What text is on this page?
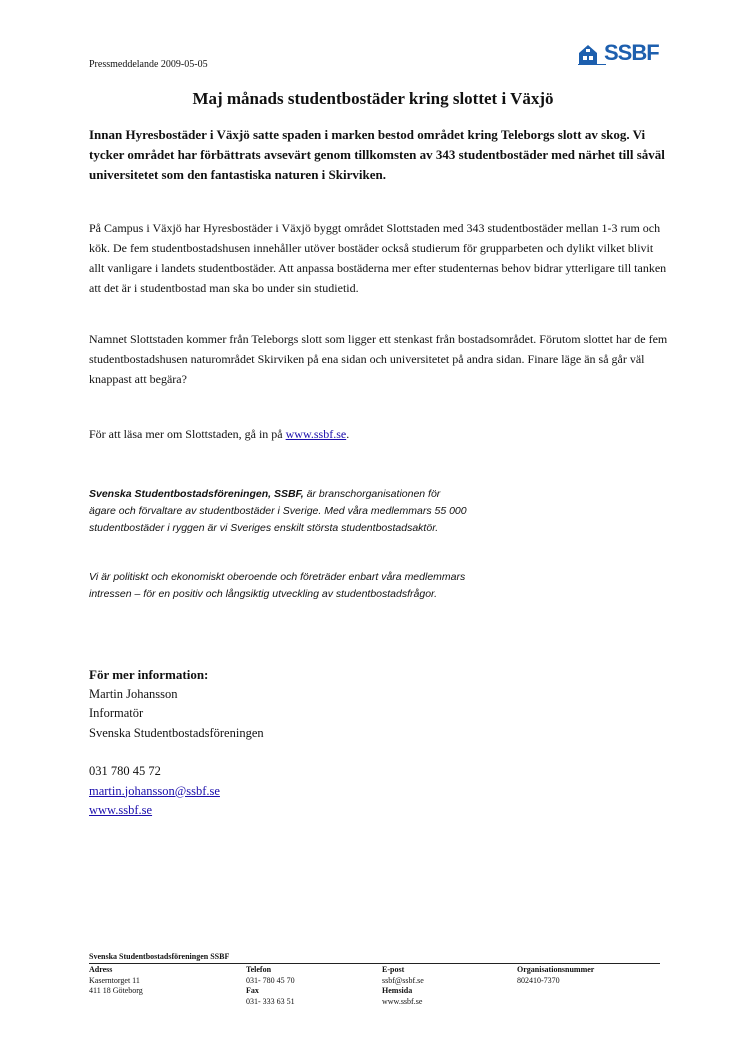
Pressmeddelande 2009-05-05	SSBF
Maj månads studentbostäder kring slottet i Växjö

Innan Hyresbostäder i Växjö satte spaden i marken bestod området kring Teleborgs slott av skog. Vi tycker området har förbättrats avsevärt genom tillkomsten av 343 studentbostäder med närhet till såväl universitetet som den fantastiska naturen i Skirviken.

På Campus i Växjö har Hyresbostäder i Växjö byggt området Slottstaden med 343 studentbostäder mellan 1-3 rum och kök. De fem studentbostadshusen innehåller utöver bostäder också studierum för grupparbeten och dylikt vilket blivit allt vanligare i landets studentbostäder. Att anpassa bostäderna mer efter studenternas behov bidrar ytterligare till tanken att det är i studentbostad man ska bo under sin studietid.

Namnet Slottstaden kommer från Teleborgs slott som ligger ett stenkast från bostadsområdet. Förutom slottet har de fem studentbostadshusen naturområdet Skirviken på ena sidan och universitetet på andra sidan. Finare läge än så går väl knappast att begära?

För att läsa mer om Slottstaden, gå in på www.ssbf.se.

Svenska Studentbostadsföreningen, SSBF, är branschorganisationen för ägare och förvaltare av studentbostäder i Sverige. Med våra medlemmars 55 000 studentbostäder i ryggen är vi Sveriges enskilt största studentbostadsaktör.

Vi är politiskt och ekonomiskt oberoende och företräder enbart våra medlemmars intressen – för en positiv och långsiktig utveckling av studentbostadsfrågor.

För mer information:
Martin Johansson
Informatör
Svenska Studentbostadsföreningen
031 780 45 72
martin.johansson@ssbf.se
www.ssbf.se
Svenska Studentbostadsföreningen SSBF
Adress
Kaserntorget 11
411 18 Göteborg
Telefon
031- 780 45 70
Fax
031- 333 63 51
E-post
ssbf@ssbf.se
Hemsida
www.ssbf.se
Organisationsnummer
802410-7370
